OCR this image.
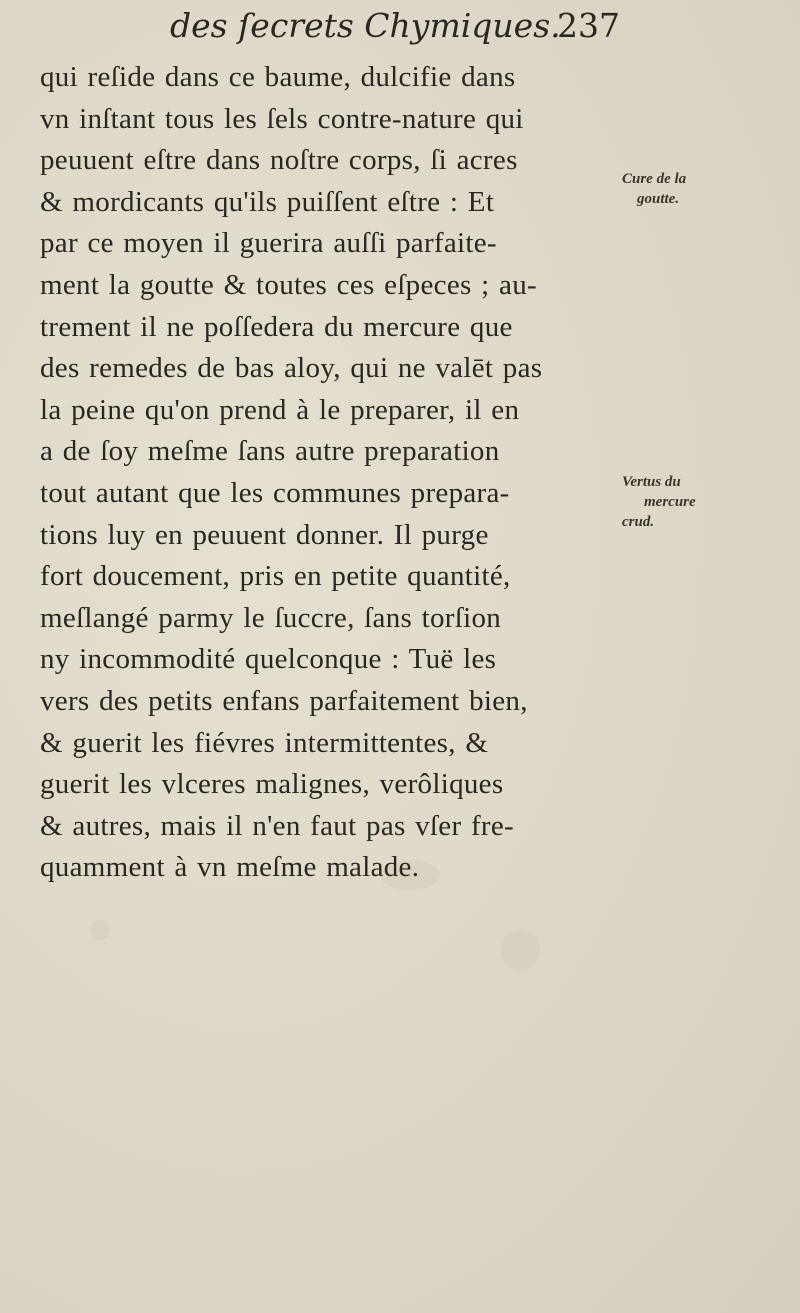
des ſecrets Chymiques.
237
qui reſide dans ce baume, dulcifie dans
vn inſtant tous les ſels contre-nature qui
peuuent eſtre dans noſtre corps, ſi acres
& mordicants qu'ils puiſſent eſtre : Et
par ce moyen il guerira auſſi parfaite-
ment la goutte & toutes ces eſpeces ; au-
trement il ne poſſedera du mercure que
des remedes de bas aloy, qui ne valēt pas
la peine qu'on prend à le preparer, il en
a de ſoy meſme ſans autre preparation
tout autant que les communes prepara-
tions luy en peuuent donner. Il purge
fort doucement, pris en petite quantité,
meſlangé parmy le ſuccre, ſans torſion
ny incommodité quelconque : Tuë les
vers des petits enfans parfaitement bien,
& guerit les fiévres intermittentes, &
guerit les vlceres malignes, verôliques
& autres, mais il n'en faut pas vſer fre-
quamment à vn meſme malade.
Cure de la
goutte.
Vertus du
mercure
crud.
